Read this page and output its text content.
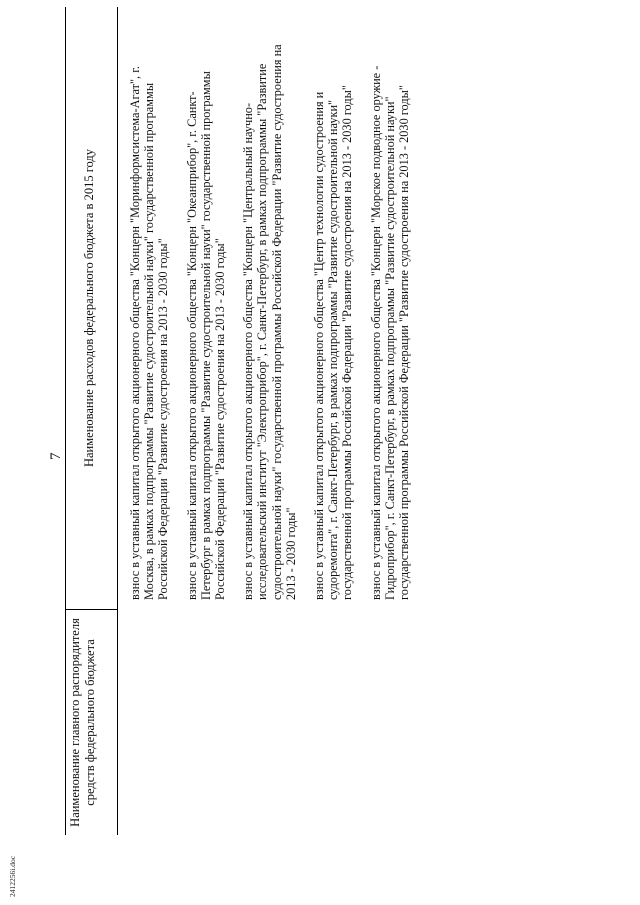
7
Наименование главного распорядителя средств федерального бюджета
Наименование расходов федерального бюджета в 2015 году	взнос в уставный капитал открытого акционерного общества "Концерн "Моринформсистема-Агат", г. Москва, в рамках подпрограммы "Развитие судостроительной науки" государственной программы Российской Федерации "Развитие судостроения на 2013 - 2030 годы" взнос в уставный капитал открытого акционерного общества "Концерн "Океанприбор", г. Санкт-Петербург в рамках подпрограммы "Развитие судостроительной науки" государственной программы Российской Федерации "Развитие судостроения на 2013 - 2030 годы" взнос в уставный капитал открытого акционерного общества "Концерн "Центральный научно-исследовательский институт "Электроприбор", г. Санкт-Петербург, в рамках подпрограммы "Развитие судостроительной науки" государственной программы Российской Федерации "Развитие судостроения на 2013 - 2030 годы" взнос в уставный капитал открытого акционерного общества "Центр технологии судостроения и судоремонта", г. Санкт-Петербург, в рамках подпрограммы "Развитие судостроительной науки" государственной программы Российской Федерации "Развитие судостроения на 2013 - 2030 годы" взнос в уставный капитал открытого акционерного общества "Концерн "Морское подводное оружие - Гидроприбор", г. Санкт-Петербург, в рамках подпрограммы "Развитие судостроительной науки" государственной программы Российской Федерации "Развитие судостроения на 2013 - 2030 годы"
2412256i.doc
